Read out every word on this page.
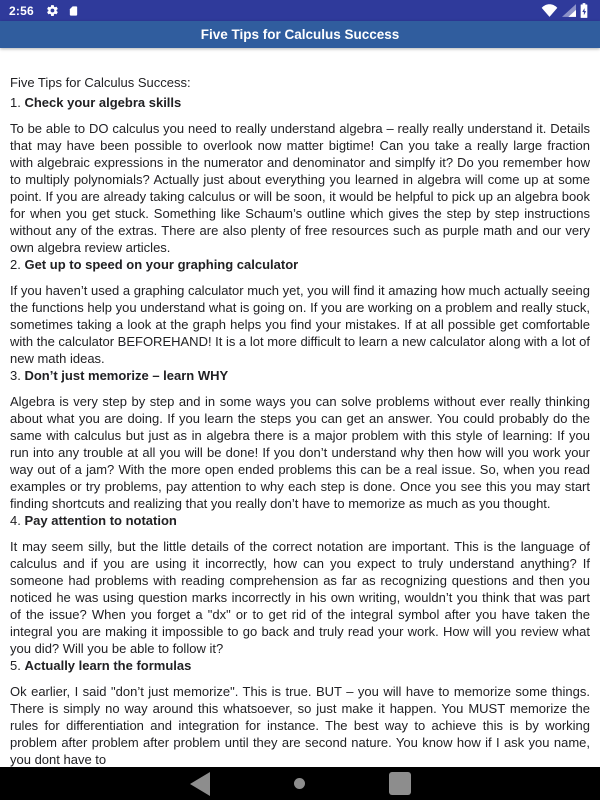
2:56
Five Tips for Calculus Success

Five Tips for Calculus Success:

1. Check your algebra skills

To be able to DO calculus you need to really understand algebra – really really understand it. Details that may have been possible to overlook now matter bigtime! Can you take a really large fraction with algebraic expressions in the numerator and denominator and simplfy it? Do you remember how to multiply polynomials? Actually just about everything you learned in algebra will come up at some point. If you are already taking calculus or will be soon, it would be helpful to pick up an algebra book for when you get stuck. Something like Schaum’s outline which gives the step by step instructions without any of the extras. There are also plenty of free resources such as purple math and our very own algebra review articles.

2. Get up to speed on your graphing calculator

If you haven’t used a graphing calculator much yet, you will find it amazing how much actually seeing the functions help you understand what is going on. If you are working on a problem and really stuck, sometimes taking a look at the graph helps you find your mistakes. If at all possible get comfortable with the calculator BEFOREHAND! It is a lot more difficult to learn a new calculator along with a lot of new math ideas.

3. Don’t just memorize – learn WHY

Algebra is very step by step and in some ways you can solve problems without ever really thinking about what you are doing. If you learn the steps you can get an answer. You could probably do the same with calculus but just as in algebra there is a major problem with this style of learning: If you run into any trouble at all you will be done! If you don’t understand why then how will you work your way out of a jam? With the more open ended problems this can be a real issue. So, when you read examples or try problems, pay attention to why each step is done. Once you see this you may start finding shortcuts and realizing that you really don’t have to memorize as much as you thought.

4. Pay attention to notation

It may seem silly, but the little details of the correct notation are important. This is the language of calculus and if you are using it incorrectly, how can you expect to truly understand anything? If someone had problems with reading comprehension as far as recognizing questions and then you noticed he was using question marks incorrectly in his own writing, wouldn’t you think that was part of the issue? When you forget a "dx" or to get rid of the integral symbol after you have taken the integral you are making it impossible to go back and truly read your work. How will you review what you did? Will you be able to follow it?

5. Actually learn the formulas

Ok earlier, I said "don’t just memorize". This is true. BUT – you will have to memorize some things. There is simply no way around this whatsoever, so just make it happen. You MUST memorize the rules for differentiation and integration for instance. The best way to achieve this is by working problem after problem after problem until they are second nature. You know how if I ask you name, you dont have to
